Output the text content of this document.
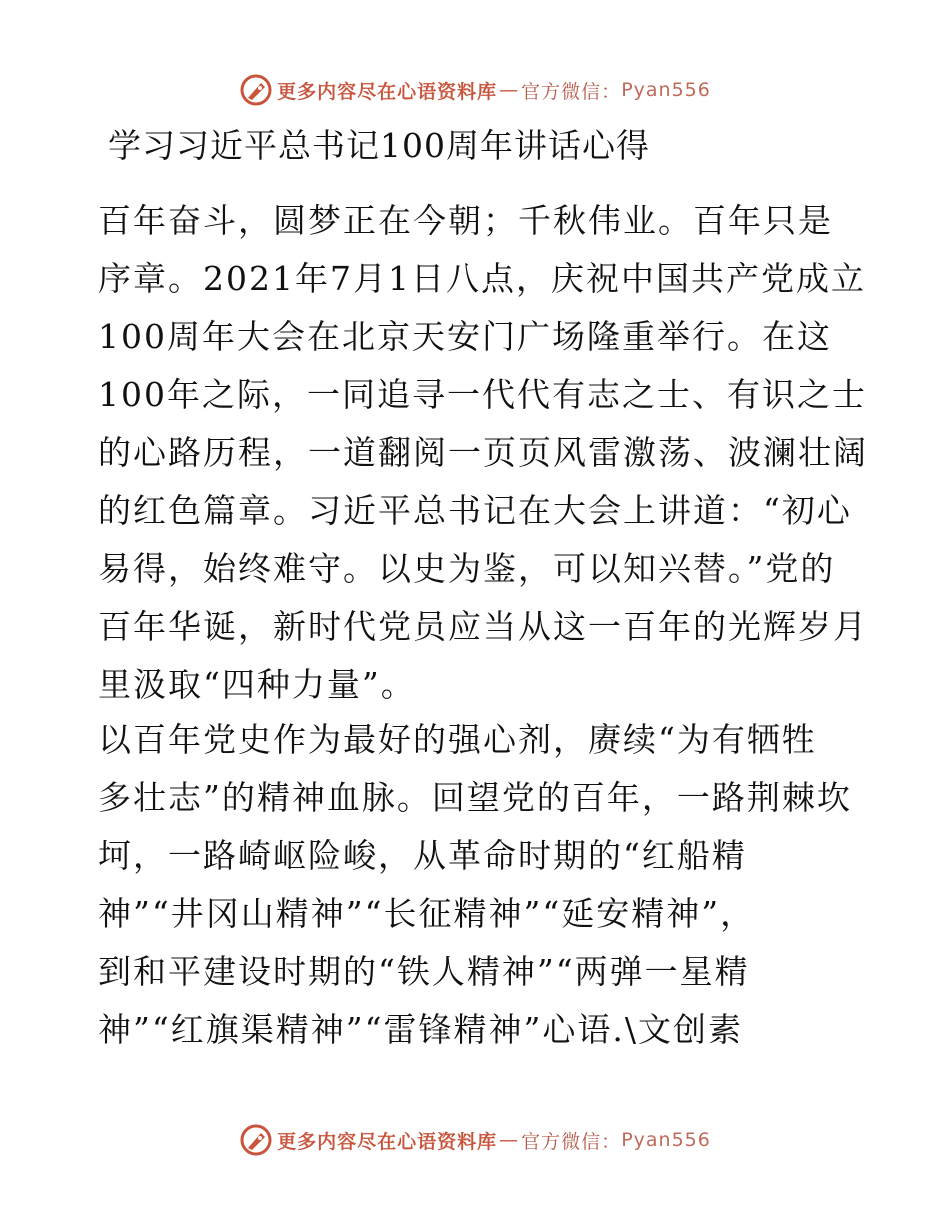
更多内容尽在心语资料库 — 官方微信： Pyan556
学习习近平总书记100周年讲话心得

百年奋斗，圆梦正在今朝；千秋伟业。百年只是
序章。2021年7月1日八点，庆祝中国共产党成立
100周年大会在北京天安门广场隆重举行。在这
100年之际，一同追寻一代代有志之士、有识之士
的心路历程，一道翻阅一页页风雷激荡、波澜壮阔
的红色篇章。习近平总书记在大会上讲道：“初心
易得，始终难守。以史为鉴，可以知兴替。”党的
百年华诞，新时代党员应当从这一百年的光辉岁月
里汲取“四种力量”。

以百年党史作为最好的强心剂，赓续“为有牺牲
多壮志”的精神血脉。回望党的百年，一路荆棘坎
坷，一路崎岖险峻，从革命时期的“红船精
神”“井冈山精神”“长征精神”“延安精神”，
到和平建设时期的“铁人精神”“两弹一星精
神”“红旗渠精神”“雷锋精神”心语.\文创素

更多内容尽在心语资料库 — 官方微信： Pyan556
